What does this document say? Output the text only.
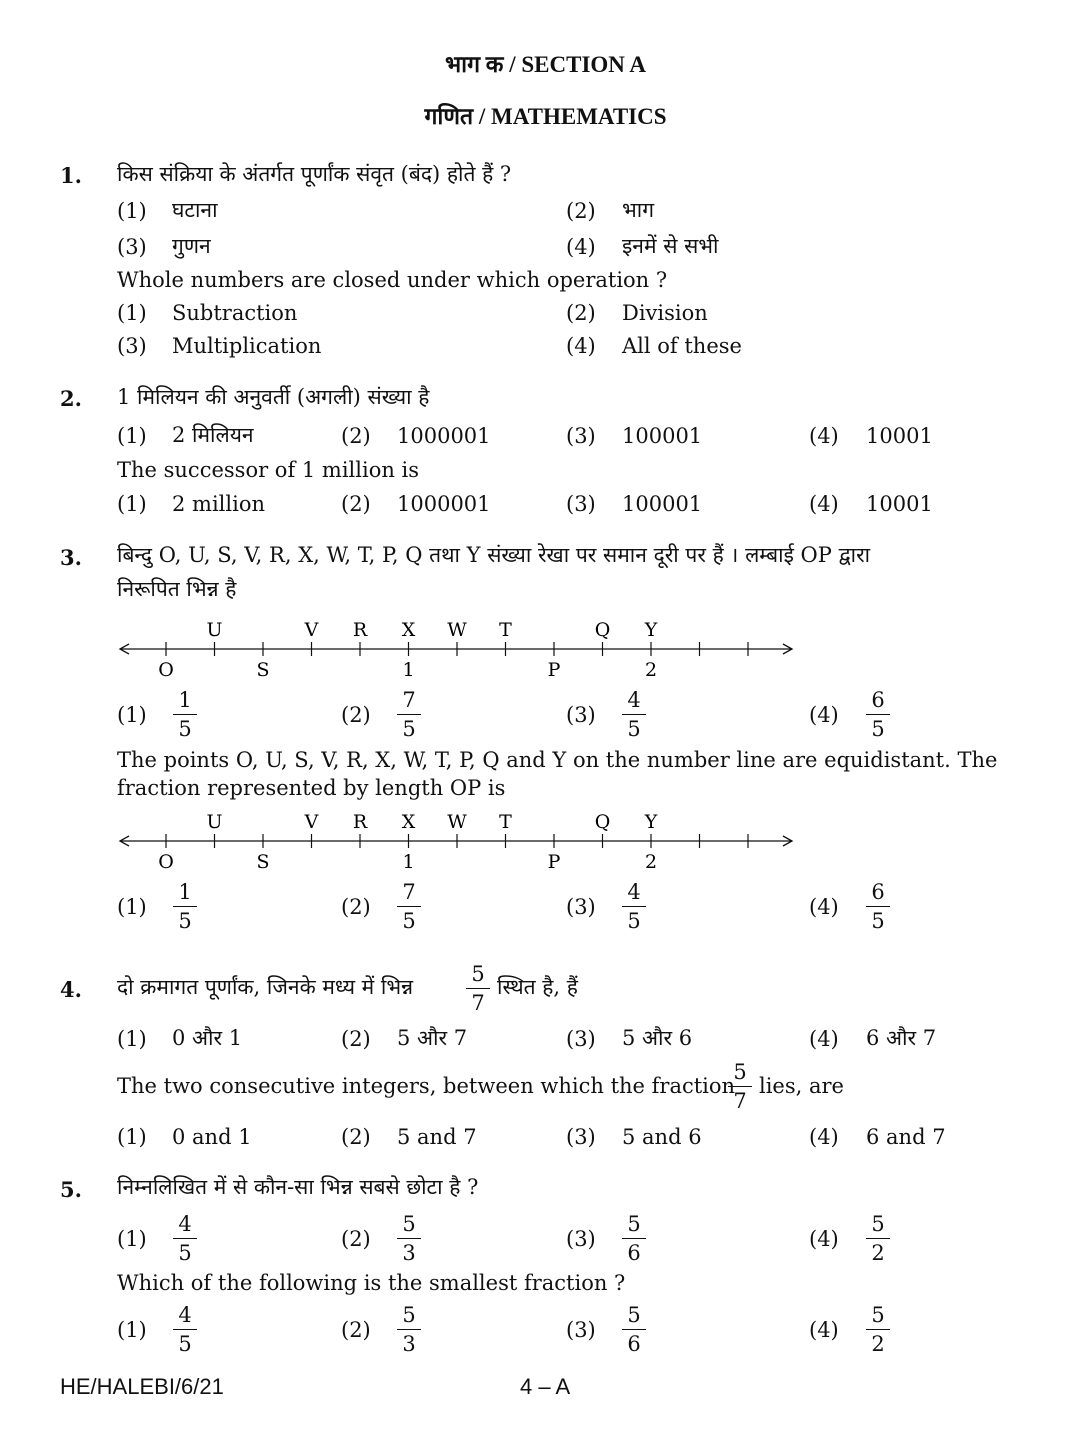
भाग क / SECTION A
गणित / MATHEMATICS
1. किस संक्रिया के अंतर्गत पूर्णांक संवृत (बंद) होते हैं ?
(1) घटाना	(2) भाग
(3) गुणन	(4) इनमें से सभी
Whole numbers are closed under which operation ?
(1) Subtraction	(2) Division
(3) Multiplication	(4) All of these
2. 1 मिलियन की अनुवर्ती (अगली) संख्या है
(1) 2 मिलियन	(2) 1000001	(3) 100001	(4) 10001
The successor of 1 million is
(1) 2 million	(2) 1000001	(3) 100001	(4) 10001
3. बिन्दु O, U, S, V, R, X, W, T, P, Q तथा Y संख्या रेखा पर समान दूरी पर हैं । लम्बाई OP द्वारा
निरूपित भिन्न है
U	V R X W T	Q Y
O	S	1	P	2
(1)
1
5
(2)
7
5
(3)
4
5
(4)
6
5
The points O, U, S, V, R, X, W, T, P, Q and Y on the number line are equidistant. The
fraction represented by length OP is
U	V R X W T	Q Y
O	S	1	P	2
(1)
1
5
(2)
7
5
(3)
4
5
(4)
6
5
4. दो क्रमागत पूर्णांक, जिनके मध्य में भिन्न
5
7
स्थित है, हैं
(1) 0 और 1	(2) 5 और 7	(3) 5 और 6	(4) 6 और 7
The two consecutive integers, between which the fraction
5
7
lies, are
(1) 0 and 1	(2) 5 and 7	(3) 5 and 6	(4) 6 and 7
5. निम्नलिखित में से कौन-सा भिन्न सबसे छोटा है ?
(1)
4
5
(2)
5
3
(3)
5
6
(4)
5
2
Which of the following is the smallest fraction ?
(1)
4
5
(2)
5
3
(3)
5
6
(4)
5
2
HE/HALEBI/6/21	4 – A
